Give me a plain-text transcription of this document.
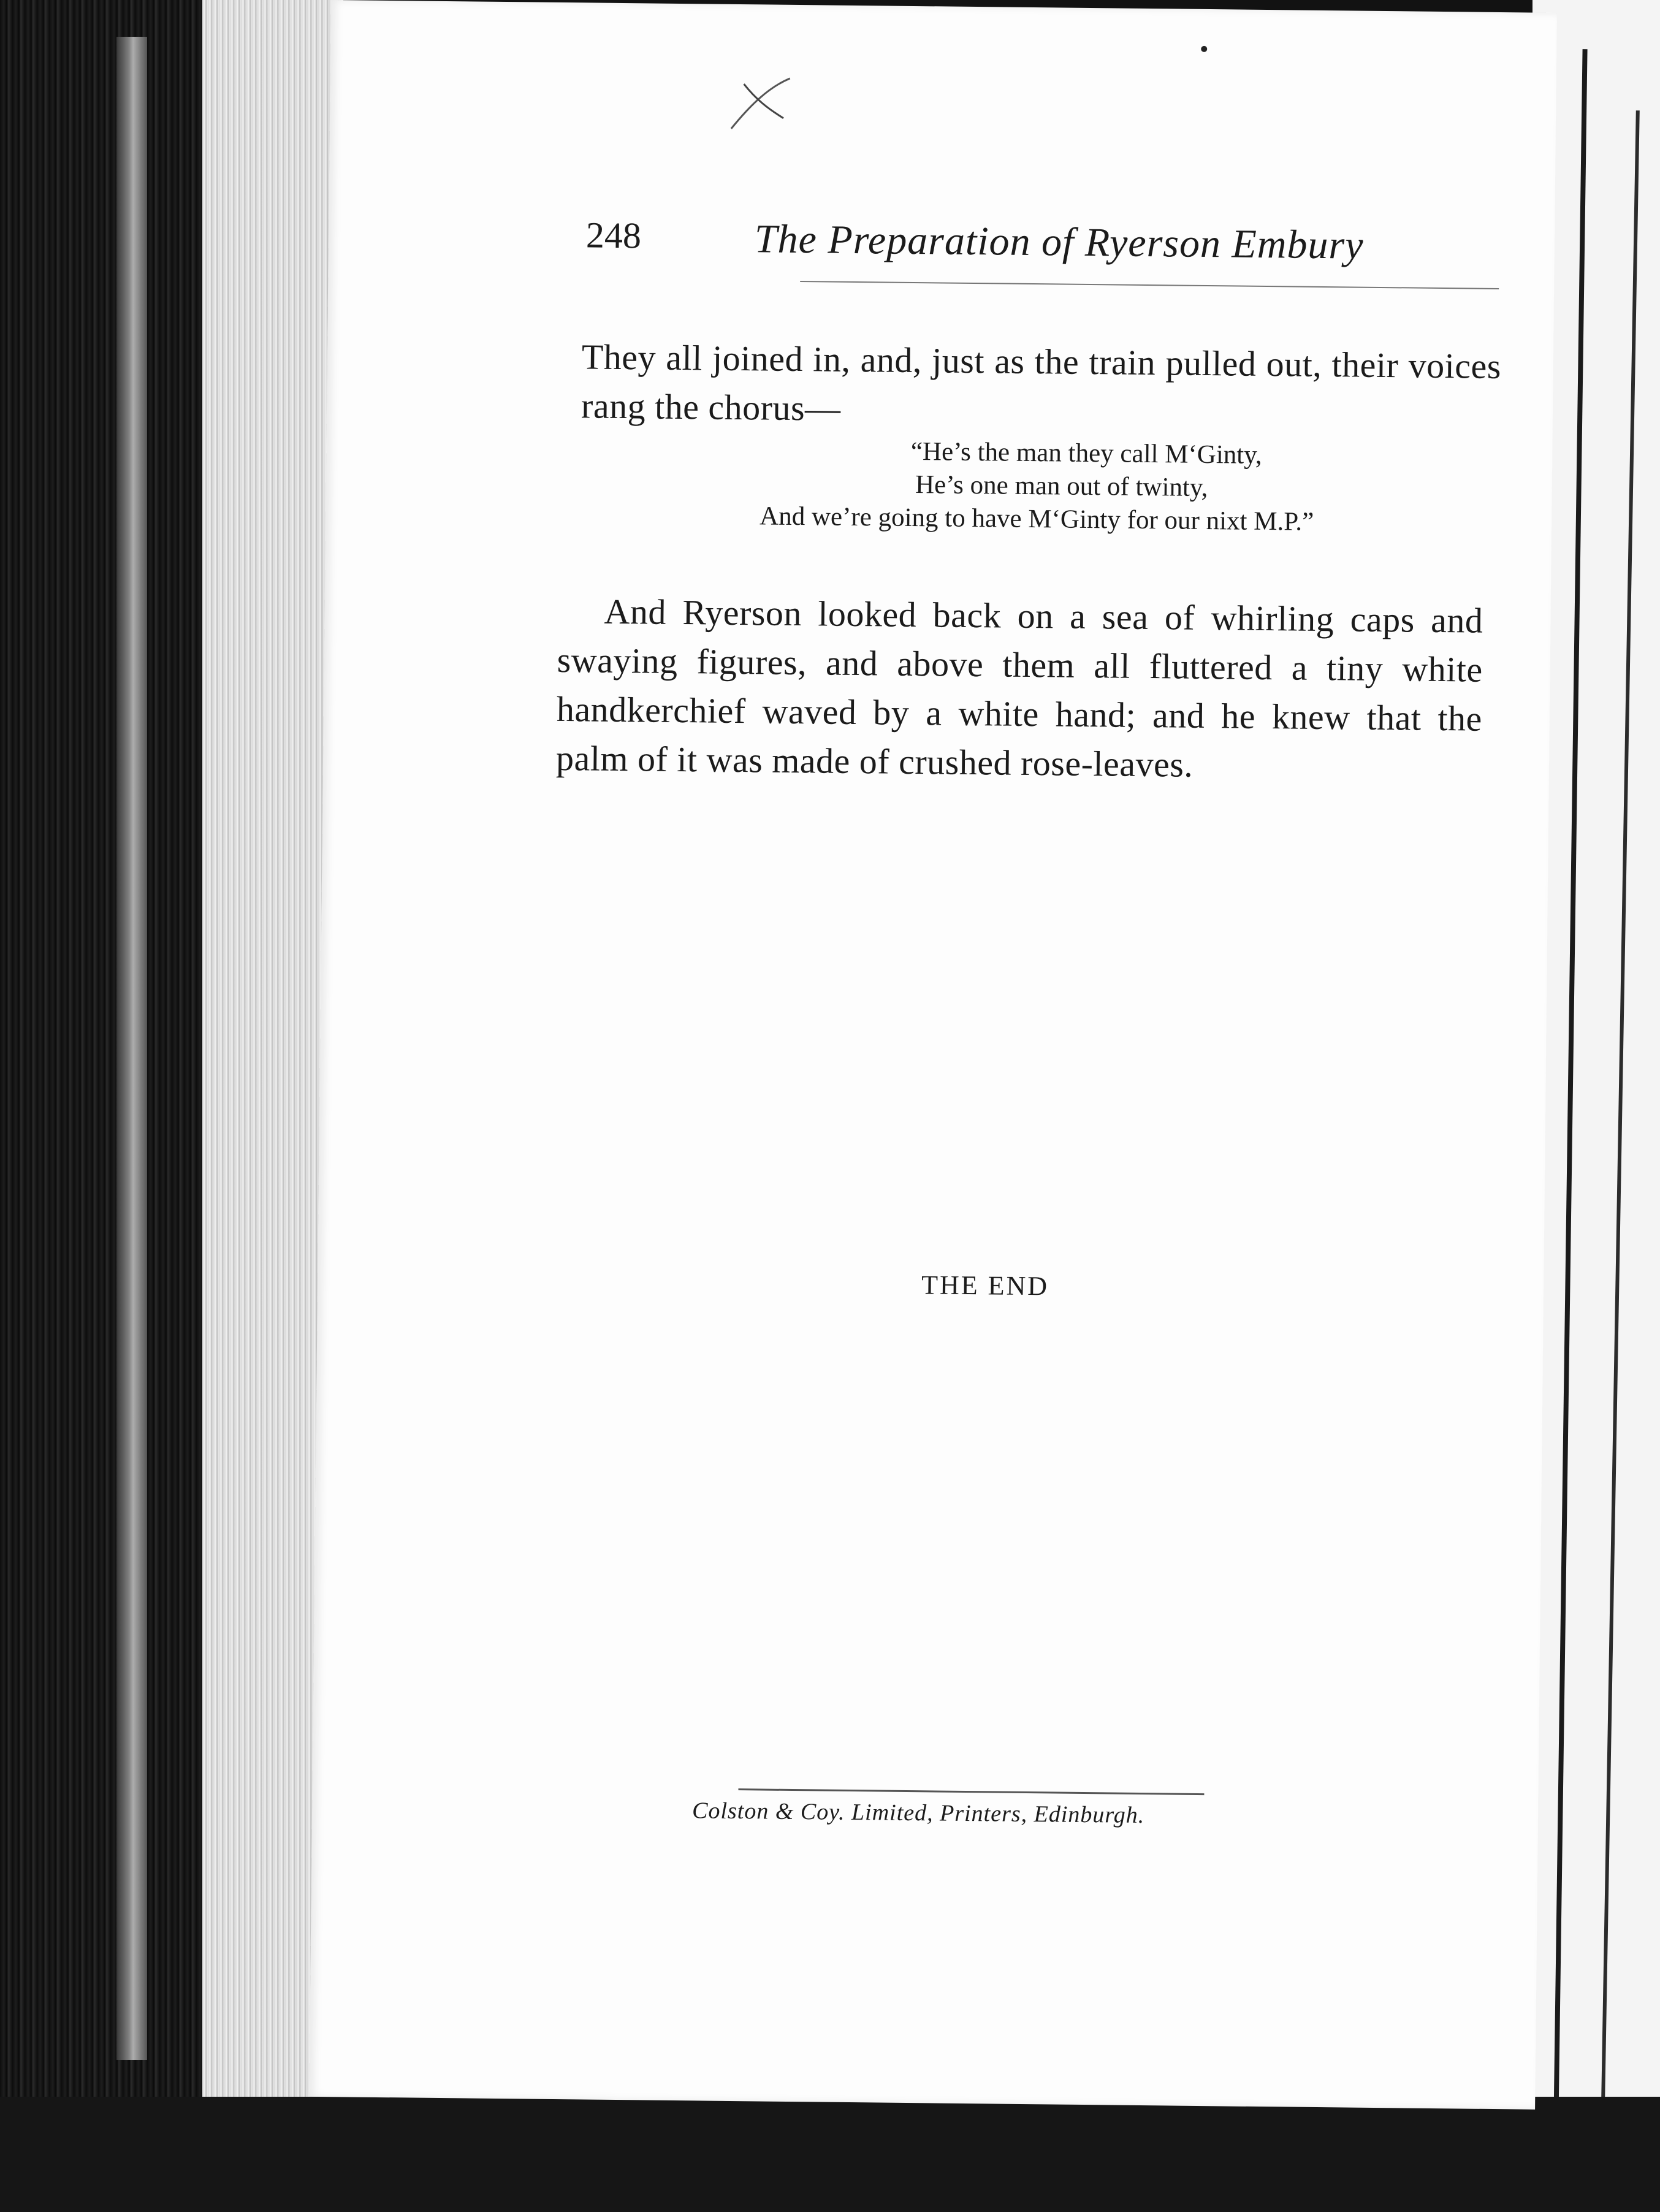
248	The Preparation of Ryerson Embury

They all joined in, and, just as the train pulled out, their voices rang the chorus—

“He’s the man they call M‘Ginty,
He’s one man out of twinty,
And we’re going to have M‘Ginty for our nixt M.P.”

And Ryerson looked back on a sea of whirling caps and swaying figures, and above them all fluttered a tiny white handkerchief waved by a white hand; and he knew that the palm of it was made of crushed rose-leaves.

THE END
Colston & Coy. Limited, Printers, Edinburgh.
